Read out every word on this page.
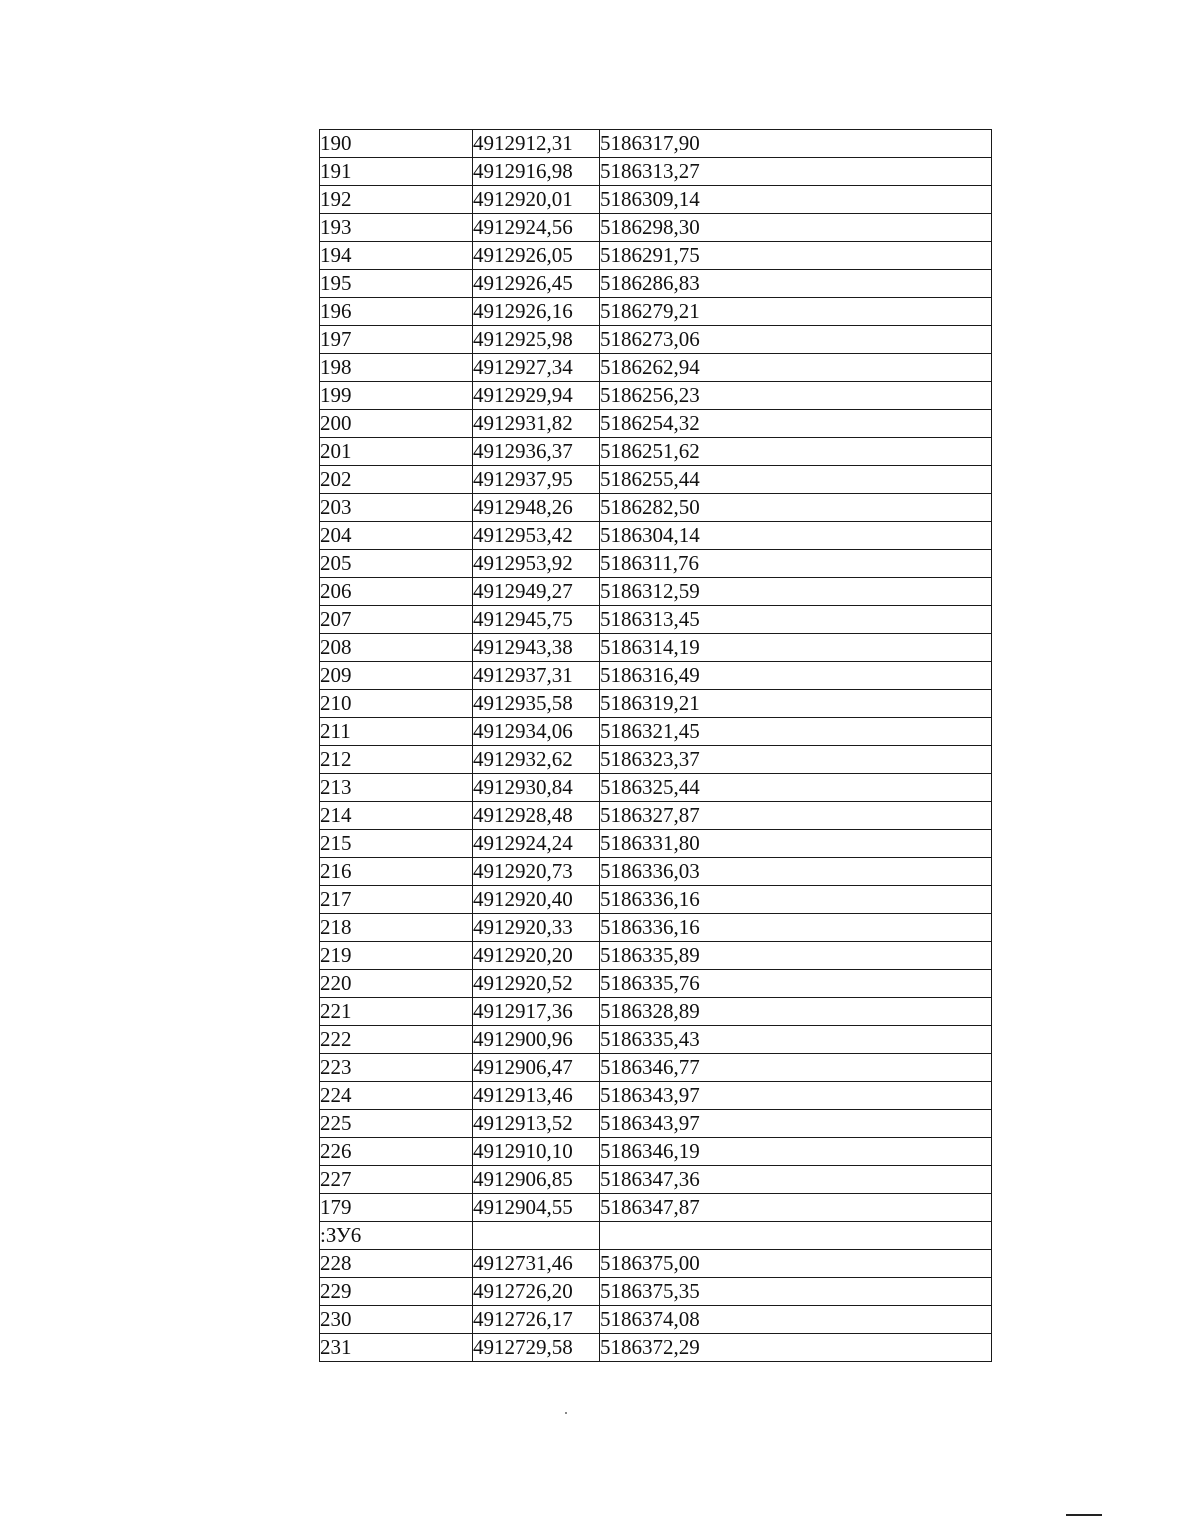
190	4912912,31	5186317,90
191	4912916,98	5186313,27
192	4912920,01	5186309,14
193	4912924,56	5186298,30
194	4912926,05	5186291,75
195	4912926,45	5186286,83
196	4912926,16	5186279,21
197	4912925,98	5186273,06
198	4912927,34	5186262,94
199	4912929,94	5186256,23
200	4912931,82	5186254,32
201	4912936,37	5186251,62
202	4912937,95	5186255,44
203	4912948,26	5186282,50
204	4912953,42	5186304,14
205	4912953,92	5186311,76
206	4912949,27	5186312,59
207	4912945,75	5186313,45
208	4912943,38	5186314,19
209	4912937,31	5186316,49
210	4912935,58	5186319,21
211	4912934,06	5186321,45
212	4912932,62	5186323,37
213	4912930,84	5186325,44
214	4912928,48	5186327,87
215	4912924,24	5186331,80
216	4912920,73	5186336,03
217	4912920,40	5186336,16
218	4912920,33	5186336,16
219	4912920,20	5186335,89
220	4912920,52	5186335,76
221	4912917,36	5186328,89
222	4912900,96	5186335,43
223	4912906,47	5186346,77
224	4912913,46	5186343,97
225	4912913,52	5186343,97
226	4912910,10	5186346,19
227	4912906,85	5186347,36
179	4912904,55	5186347,87
:ЗУ6		
228	4912731,46	5186375,00
229	4912726,20	5186375,35
230	4912726,17	5186374,08
231	4912729,58	5186372,29
